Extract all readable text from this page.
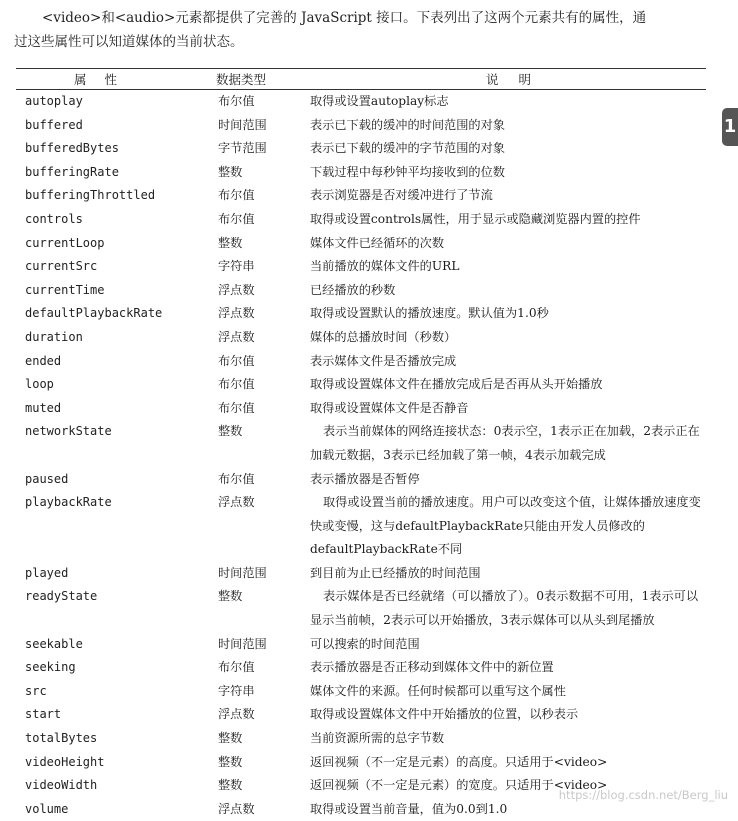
<video>和<audio>元素都提供了完善的 JavaScript 接口。下表列出了这两个元素共有的属性，通
过这些属性可以知道媒体的当前状态。

属性	数据类型	说明
autoplay	布尔值	取得或设置autoplay标志
buffered	时间范围	表示已下载的缓冲的时间范围的对象
bufferedBytes	字节范围	表示已下载的缓冲的字节范围的对象
bufferingRate	整数	下载过程中每秒钟平均接收到的位数
bufferingThrottled	布尔值	表示浏览器是否对缓冲进行了节流
controls	布尔值	取得或设置controls属性，用于显示或隐藏浏览器内置的控件
currentLoop	整数	媒体文件已经循环的次数
currentSrc	字符串	当前播放的媒体文件的URL
currentTime	浮点数	已经播放的秒数
defaultPlaybackRate	浮点数	取得或设置默认的播放速度。默认值为1.0秒
duration	浮点数	媒体的总播放时间（秒数）
ended	布尔值	表示媒体文件是否播放完成
loop	布尔值	取得或设置媒体文件在播放完成后是否再从头开始播放
muted	布尔值	取得或设置媒体文件是否静音
networkState	整数	表示当前媒体的网络连接状态：0表示空，1表示正在加载，2表示正在加载元数据，3表示已经加载了第一帧，4表示加载完成
paused	布尔值	表示播放器是否暂停
playbackRate	浮点数	取得或设置当前的播放速度。用户可以改变这个值，让媒体播放速度变快或变慢，这与defaultPlaybackRate只能由开发人员修改的defaultPlaybackRate不同
played	时间范围	到目前为止已经播放的时间范围
readyState	整数	表示媒体是否已经就绪（可以播放了）。0表示数据不可用，1表示可以显示当前帧，2表示可以开始播放，3表示媒体可以从头到尾播放
seekable	时间范围	可以搜索的时间范围
seeking	布尔值	表示播放器是否正移动到媒体文件中的新位置
src	字符串	媒体文件的来源。任何时候都可以重写这个属性
start	浮点数	取得或设置媒体文件中开始播放的位置，以秒表示
totalBytes	整数	当前资源所需的总字节数
videoHeight	整数	返回视频（不一定是元素）的高度。只适用于<video>
videoWidth	整数	返回视频（不一定是元素）的宽度。只适用于<video>
volume	浮点数	取得或设置当前音量，值为0.0到1.0
1
https://blog.csdn.net/Berg_liu
